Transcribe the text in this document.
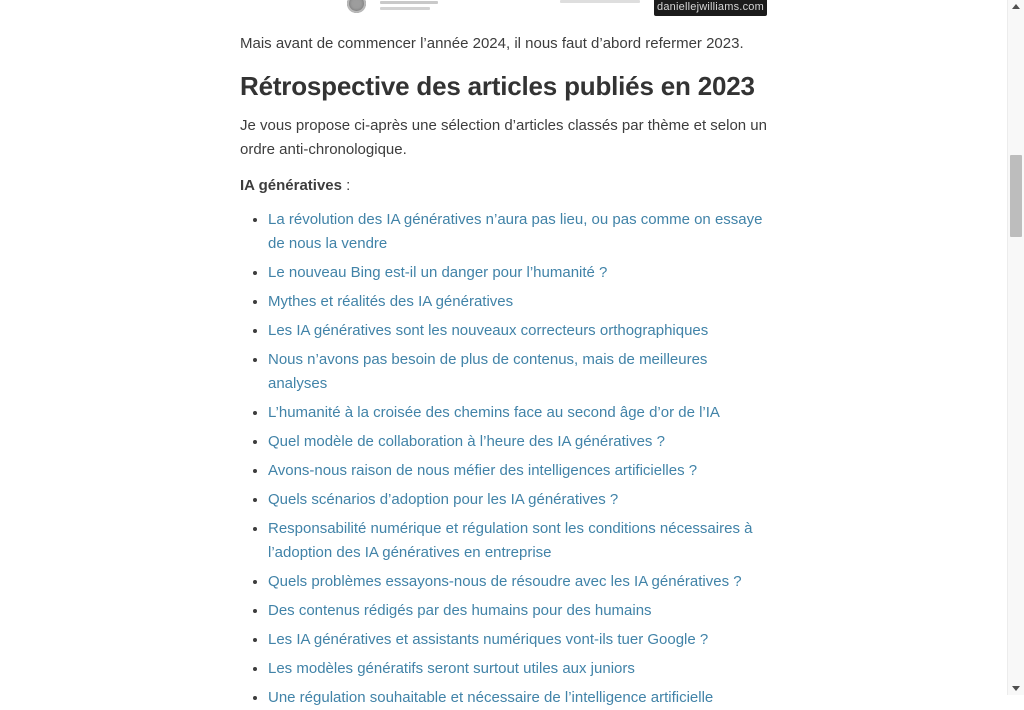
daniellejwilliams.com

Mais avant de commencer l’année 2024, il nous faut d’abord refermer 2023.

Rétrospective des articles publiés en 2023

Je vous propose ci-après une sélection d’articles classés par thème et selon un ordre anti-chronologique.

IA génératives :

• La révolution des IA génératives n’aura pas lieu, ou pas comme on essaye de nous la vendre
• Le nouveau Bing est-il un danger pour l’humanité ?
• Mythes et réalités des IA génératives
• Les IA génératives sont les nouveaux correcteurs orthographiques
• Nous n’avons pas besoin de plus de contenus, mais de meilleures analyses
• L’humanité à la croisée des chemins face au second âge d’or de l’IA
• Quel modèle de collaboration à l’heure des IA génératives ?
• Avons-nous raison de nous méfier des intelligences artificielles ?
• Quels scénarios d’adoption pour les IA génératives ?
• Responsabilité numérique et régulation sont les conditions nécessaires à l’adoption des IA génératives en entreprise
• Quels problèmes essayons-nous de résoudre avec les IA génératives ?
• Des contenus rédigés par des humains pour des humains
• Les IA génératives et assistants numériques vont-ils tuer Google ?
• Les modèles génératifs seront surtout utiles aux juniors
• Une régulation souhaitable et nécessaire de l’intelligence artificielle
